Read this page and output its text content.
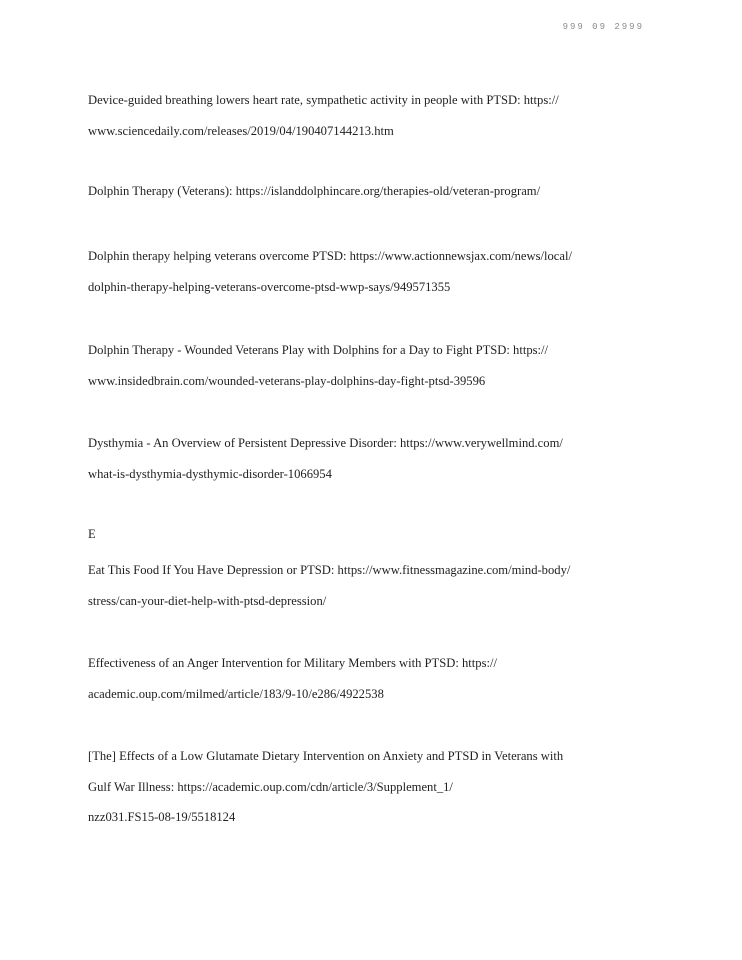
999 09 2999
Device-guided breathing lowers heart rate, sympathetic activity in people with PTSD: https://
www.sciencedaily.com/releases/2019/04/190407144213.htm
Dolphin Therapy (Veterans): https://islanddolphincare.org/therapies-old/veteran-program/
Dolphin therapy helping veterans overcome PTSD: https://www.actionnewsjax.com/news/local/
dolphin-therapy-helping-veterans-overcome-ptsd-wwp-says/949571355
Dolphin Therapy - Wounded Veterans Play with Dolphins for a Day to Fight PTSD: https://
www.insidedbrain.com/wounded-veterans-play-dolphins-day-fight-ptsd-39596
Dysthymia - An Overview of Persistent Depressive Disorder: https://www.verywellmind.com/
what-is-dysthymia-dysthymic-disorder-1066954
E
Eat This Food If You Have Depression or PTSD: https://www.fitnessmagazine.com/mind-body/
stress/can-your-diet-help-with-ptsd-depression/
Effectiveness of an Anger Intervention for Military Members with PTSD: https://
academic.oup.com/milmed/article/183/9-10/e286/4922538
[The] Effects of a Low Glutamate Dietary Intervention on Anxiety and PTSD in Veterans with
Gulf War Illness: https://academic.oup.com/cdn/article/3/Supplement_1/
nzz031.FS15-08-19/5518124
